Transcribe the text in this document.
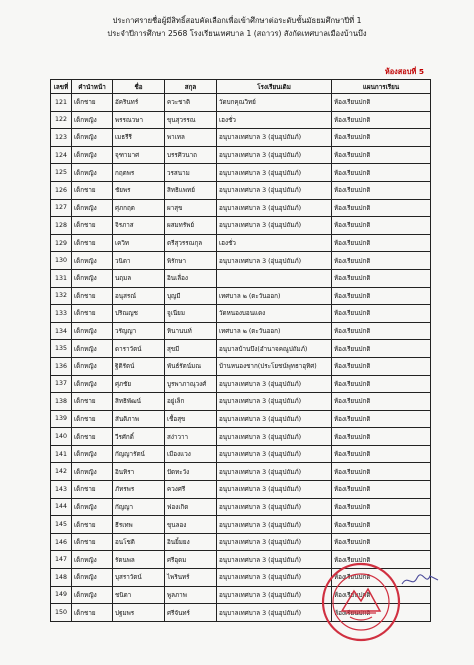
ประกาศรายชื่อผู้มีสิทธิ์สอบคัดเลือกเพื่อเข้าศึกษาต่อระดับชั้นมัธยมศึกษาปีที่ 1
ประจำปีการศึกษา 2568 โรงเรียนเทศบาล 1 (สถาวร) สังกัดเทศบาลเมืองบ้านบึง
ห้องสอบที่ 5
เลขที่	คำนำหน้า	ชื่อ	สกุล	โรงเรียนเดิม	แผนการเรียน
121	เด็กชาย	อัครินทร์	ควะชาติ	วัดบกคุณวิทย์	ห้องเรียนปกติ
122	เด็กหญิง	พรรณวษา	ขุนสุวรรณ	เฮงชั่ว	ห้องเรียนปกติ
123	เด็กหญิง	เมธรีรี	พาเทล	อนุบาลเทศบาล 3 (อุ่นอุปถัมภ์)	ห้องเรียนปกติ
124	เด็กหญิง	จุฑามาศ	บรรศิวนาถ	อนุบาลเทศบาล 3 (อุ่นอุปถัมภ์)	ห้องเรียนปกติ
125	เด็กหญิง	กฤตพร	วรสนาม	อนุบาลเทศบาล 3 (อุ่นอุปถัมภ์)	ห้องเรียนปกติ
126	เด็กชาย	ชัยพร	สิทธิแพทย์	อนุบาลเทศบาล 3 (อุ่นอุปถัมภ์)	ห้องเรียนปกติ
127	เด็กหญิง	ศุภกฤต	ผาสุข	อนุบาลเทศบาล 3 (อุ่นอุปถัมภ์)	ห้องเรียนปกติ
128	เด็กชาย	จิรภาส	ผสมทรัพย์	อนุบาลเทศบาล 3 (อุ่นอุปถัมภ์)	ห้องเรียนปกติ
129	เด็กชาย	เควิท	ตรีสุวรรณกุล	เฮงชั่ว	ห้องเรียนปกติ
130	เด็กหญิง	วนิดา	พิรักษา	อนุบาลเทศบาล 3 (อุ่นอุปถัมภ์)	ห้องเรียนปกติ
131	เด็กหญิง	นฤมล	อินเลื่อง		ห้องเรียนปกติ
132	เด็กชาย	อนุสรณ์	บุญมี	เทศบาล ๒ (ตะวันออก)	ห้องเรียนปกติ
133	เด็กชาย	ปริณญช	จูเนียม	วัดหนองบอนแดง	ห้องเรียนปกติ
134	เด็กหญิง	วรัญญา	หินานนท์	เทศบาล ๒ (ตะวันออก)	ห้องเรียนปกติ
135	เด็กหญิง	ดาราวัตน์	สุขมี	อนุบาลบ้านบึง(อำนาจคณูปถัมภ์)	ห้องเรียนปกติ
136	เด็กหญิง	ฐิติรัตน์	พันธ์รัตน์มณ	บ้านหนองชาก(ประโยชน์พุทธาอุทิศ)	ห้องเรียนปกติ
137	เด็กหญิง	ศุภชัย	บูรพาภาณุวงศ์	อนุบาลเทศบาล 3 (อุ่นอุปถัมภ์)	ห้องเรียนปกติ
138	เด็กชาย	สิทธิพัฒน์	อยู่เล็ก	อนุบาลเทศบาล 3 (อุ่นอุปถัมภ์)	ห้องเรียนปกติ
139	เด็กชาย	สันติภาพ	เชื้อสุข	อนุบาลเทศบาล 3 (อุ่นอุปถัมภ์)	ห้องเรียนปกติ
140	เด็กชาย	วีรศักดิ์	สง่าวาา	อนุบาลเทศบาล 3 (อุ่นอุปถัมภ์)	ห้องเรียนปกติ
141	เด็กหญิง	กัญญารัตน์	เมืองแวง	อนุบาลเทศบาล 3 (อุ่นอุปถัมภ์)	ห้องเรียนปกติ
142	เด็กหญิง	อินทิรา	ปัดทะวัง	อนุบาลเทศบาล 3 (อุ่นอุปถัมภ์)	ห้องเรียนปกติ
143	เด็กชาย	ภัทรพร	ควงศรี	อนุบาลเทศบาล 3 (อุ่นอุปถัมภ์)	ห้องเรียนปกติ
144	เด็กหญิง	กัญญา	ฟองเกิด	อนุบาลเทศบาล 3 (อุ่นอุปถัมภ์)	ห้องเรียนปกติ
145	เด็กชาย	ธีรเทพ	ขุนลอง	อนุบาลเทศบาล 3 (อุ่นอุปถัมภ์)	ห้องเรียนปกติ
146	เด็กชาย	อนโชติ	อินยิ้มยง	อนุบาลเทศบาล 3 (อุ่นอุปถัมภ์)	ห้องเรียนปกติ
147	เด็กหญิง	รัตนพล	ศรีอุดม	อนุบาลเทศบาล 3 (อุ่นอุปถัมภ์)	ห้องเรียนปกติ
148	เด็กหญิง	บุสราวัตน์	ไพรินทร์	อนุบาลเทศบาล 3 (อุ่นอุปถัมภ์)	ห้องเรียนปกติ
149	เด็กหญิง	ชนิดา	พูลภาพ	อนุบาลเทศบาล 3 (อุ่นอุปถัมภ์)	ห้องเรียนปกติ
150	เด็กชาย	ปฐมพร	ศรีจันทร์	อนุบาลเทศบาล 3 (อุ่นอุปถัมภ์)	ห้องเรียนปกติ
